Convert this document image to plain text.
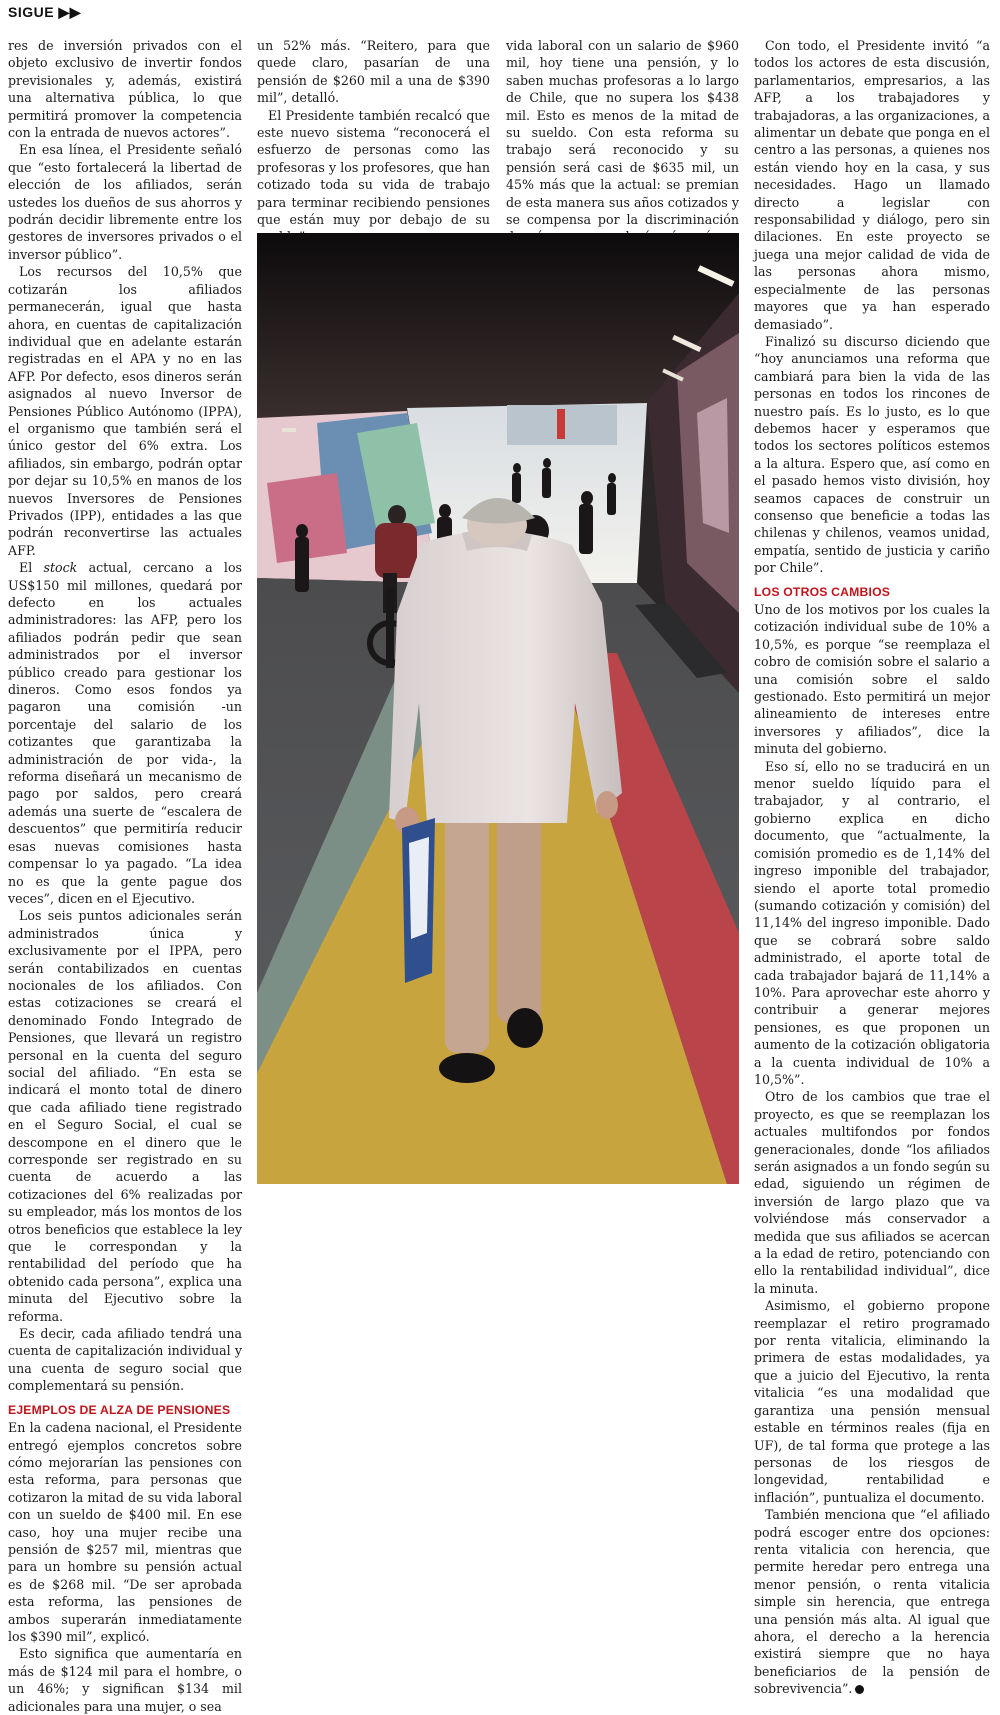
SIGUE ▶▶

res de inversión privados con el objeto exclusivo de invertir fondos previsionales y, además, existirá una alternativa pública, lo que permitirá promover la competencia con la entrada de nuevos actores”.

En esa línea, el Presidente señaló que “esto fortalecerá la libertad de elección de los afiliados, serán ustedes los dueños de sus ahorros y podrán decidir libremente entre los gestores de inversores privados o el inversor público”.

Los recursos del 10,5% que cotizarán los afiliados permanecerán, igual que hasta ahora, en cuentas de capitalización individual que en adelante estarán registradas en el APA y no en las AFP. Por defecto, esos dineros serán asignados al nuevo Inversor de Pensiones Público Autónomo (IPPA), el organismo que también será el único gestor del 6% extra. Los afiliados, sin embargo, podrán optar por dejar su 10,5% en manos de los nuevos Inversores de Pensiones Privados (IPP), entidades a las que podrán reconvertirse las actuales AFP.

El stock actual, cercano a los US$150 mil millones, quedará por defecto en los actuales administradores: las AFP, pero los afiliados podrán pedir que sean administrados por el inversor público creado para gestionar los dineros. Como esos fondos ya pagaron una comisión -un porcentaje del salario de los cotizantes que garantizaba la administración de por vida-, la reforma diseñará un mecanismo de pago por saldos, pero creará además una suerte de “escalera de descuentos” que permitiría reducir esas nuevas comisiones hasta compensar lo ya pagado. “La idea no es que la gente pague dos veces”, dicen en el Ejecutivo.

Los seis puntos adicionales serán administrados única y exclusivamente por el IPPA, pero serán contabilizados en cuentas nocionales de los afiliados. Con estas cotizaciones se creará el denominado Fondo Integrado de Pensiones, que llevará un registro personal en la cuenta del seguro social del afiliado. “En esta se indicará el monto total de dinero que cada afiliado tiene registrado en el Seguro Social, el cual se descompone en el dinero que le corresponde ser registrado en su cuenta de acuerdo a las cotizaciones del 6% realizadas por su empleador, más los montos de los otros beneficios que establece la ley que le correspondan y la rentabilidad del período que ha obtenido cada persona”, explica una minuta del Ejecutivo sobre la reforma.

Es decir, cada afiliado tendrá una cuenta de capitalización individual y una cuenta de seguro social que complementará su pensión.

EJEMPLOS DE ALZA DE PENSIONES

En la cadena nacional, el Presidente entregó ejemplos concretos sobre cómo mejorarían las pensiones con esta reforma, para personas que cotizaron la mitad de su vida laboral con un sueldo de $400 mil. En ese caso, hoy una mujer recibe una pensión de $257 mil, mientras que para un hombre su pensión actual es de $268 mil. “De ser aprobada esta reforma, las pensiones de ambos superarán inmediatamente los $390 mil”, explicó.

Esto significa que aumentaría en más de $124 mil para el hombre, o un 46%; y significan $134 mil adicionales para una mujer, o sea

un 52% más. “Reitero, para que quede claro, pasarían de una pensión de $260 mil a una de $390 mil”, detalló.

El Presidente también recalcó que este nuevo sistema “reconocerá el esfuerzo de personas como las profesoras y los profesores, que han cotizado toda su vida de trabajo para terminar recibiendo pensiones que están muy por debajo de su

vida laboral con un salario de $960 mil, hoy tiene una pensión, y lo saben muchas profesoras a lo largo de Chile, que no supera los $438 mil. Esto es menos de la mitad de su sueldo. Con esta reforma su trabajo será reconocido y su pensión será casi de $635 mil, un 45% más que la actual: se premian de esta manera sus años cotizados y se compensa por la discriminación

Con todo, el Presidente invitó “a todos los actores de esta discusión, parlamentarios, empresarios, a las AFP, a los trabajadores y trabajadoras, a las organizaciones, a alimentar un debate que ponga en el centro a las personas, a quienes nos están viendo hoy en la casa, y sus necesidades. Hago un llamado directo a legislar con responsabilidad y diálogo, pero sin dilaciones. En este proyecto se juega una mejor calidad de vida de las personas ahora mismo, especialmente de las personas mayores que ya han esperado demasiado”.

Finalizó su discurso diciendo que “hoy anunciamos una reforma que cambiará para bien la vida de las personas en todos los rincones de nuestro país. Es lo justo, es lo que debemos hacer y esperamos que todos los sectores políticos estemos a la altura. Espero que, así como en el pasado hemos visto división, hoy seamos capaces de construir un consenso que beneficie a todas las chilenas y chilenos, veamos unidad, empatía, sentido de justicia y cariño por Chile”.

LOS OTROS CAMBIOS

Uno de los motivos por los cuales la cotización individual sube de 10% a 10,5%, es porque “se reemplaza el cobro de comisión sobre el salario a una comisión sobre el saldo gestionado. Esto permitirá un mejor alineamiento de intereses entre inversores y afiliados”, dice la minuta del gobierno.

Eso sí, ello no se traducirá en un menor sueldo líquido para el trabajador, y al contrario, el gobierno explica en dicho documento, que “actualmente, la comisión promedio es de 1,14% del ingreso imponible del trabajador, siendo el aporte total promedio (sumando cotización y comisión) del 11,14% del ingreso imponible. Dado que se cobrará sobre saldo administrado, el aporte total de cada trabajador bajará de 11,14% a 10%. Para aprovechar este ahorro y contribuir a generar mejores pensiones, es que proponen un aumento de la cotización obligatoria a la cuenta individual de 10% a 10,5%”.

Otro de los cambios que trae el proyecto, es que se reemplazan los actuales multifondos por fondos generacionales, donde “los afiliados serán asignados a un fondo según su edad, siguiendo un régimen de inversión de largo plazo que va volviéndose más conservador a medida que sus afiliados se acercan a la edad de retiro, potenciando con ello la rentabilidad individual”, dice la minuta.

Asimismo, el gobierno propone reemplazar el retiro programado por renta vitalicia, eliminando la primera de estas modalidades, ya que a juicio del Ejecutivo, la renta vitalicia “es una modalidad que garantiza una pensión mensual estable en términos reales (fija en UF), de tal forma que protege a las personas de los riesgos de longevidad, rentabilidad e inflación”, puntualiza el documento.

También menciona que “el afiliado podrá escoger entre dos opciones: renta vitalicia con herencia, que permite heredar pero entrega una menor pensión, o renta vitalicia simple sin herencia, que entrega una pensión más alta. Al igual que ahora, el derecho a la herencia existirá siempre que no haya beneficiarios de la pensión de sobrevivencia”.
